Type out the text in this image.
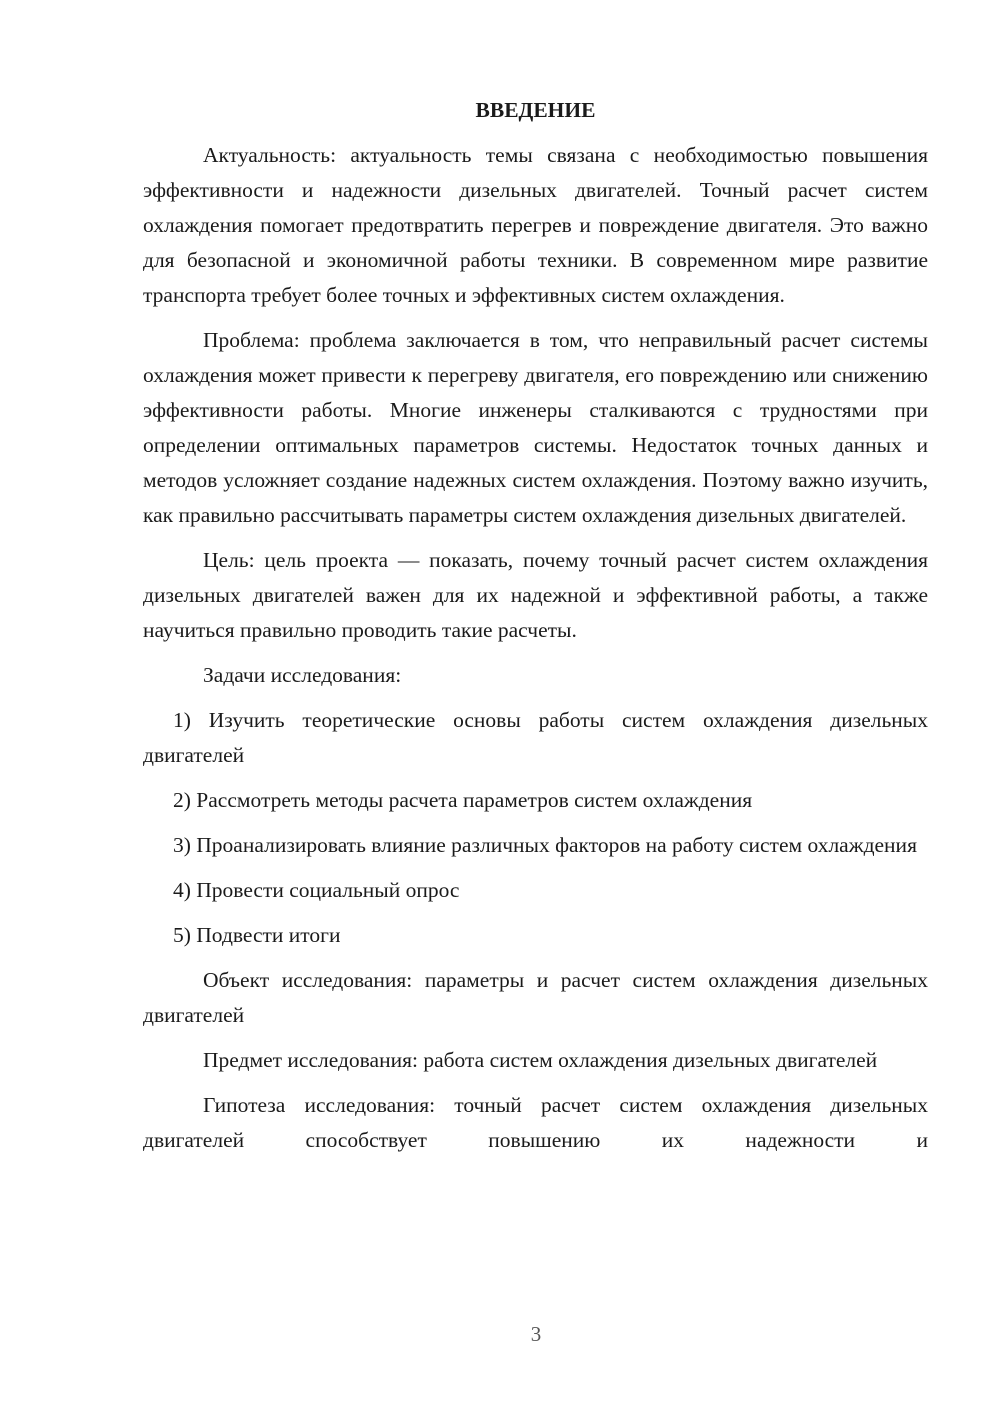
ВВЕДЕНИЕ

Актуальность: актуальность темы связана с необходимостью повышения эффективности и надежности дизельных двигателей. Точный расчет систем охлаждения помогает предотвратить перегрев и повреждение двигателя. Это важно для безопасной и экономичной работы техники. В современном мире развитие транспорта требует более точных и эффективных систем охлаждения.

Проблема: проблема заключается в том, что неправильный расчет системы охлаждения может привести к перегреву двигателя, его повреждению или снижению эффективности работы. Многие инженеры сталкиваются с трудностями при определении оптимальных параметров системы. Недостаток точных данных и методов усложняет создание надежных систем охлаждения. Поэтому важно изучить, как правильно рассчитывать параметры систем охлаждения дизельных двигателей.

Цель: цель проекта — показать, почему точный расчет систем охлаждения дизельных двигателей важен для их надежной и эффективной работы, а также научиться правильно проводить такие расчеты.

Задачи исследования:

1) Изучить теоретические основы работы систем охлаждения дизельных двигателей

2) Рассмотреть методы расчета параметров систем охлаждения

3) Проанализировать влияние различных факторов на работу систем охлаждения

4) Провести социальный опрос

5) Подвести итоги

Объект исследования: параметры и расчет систем охлаждения дизельных двигателей

Предмет исследования: работа систем охлаждения дизельных двигателей

Гипотеза исследования: точный расчет систем охлаждения дизельных двигателей способствует повышению их надежности и

3
